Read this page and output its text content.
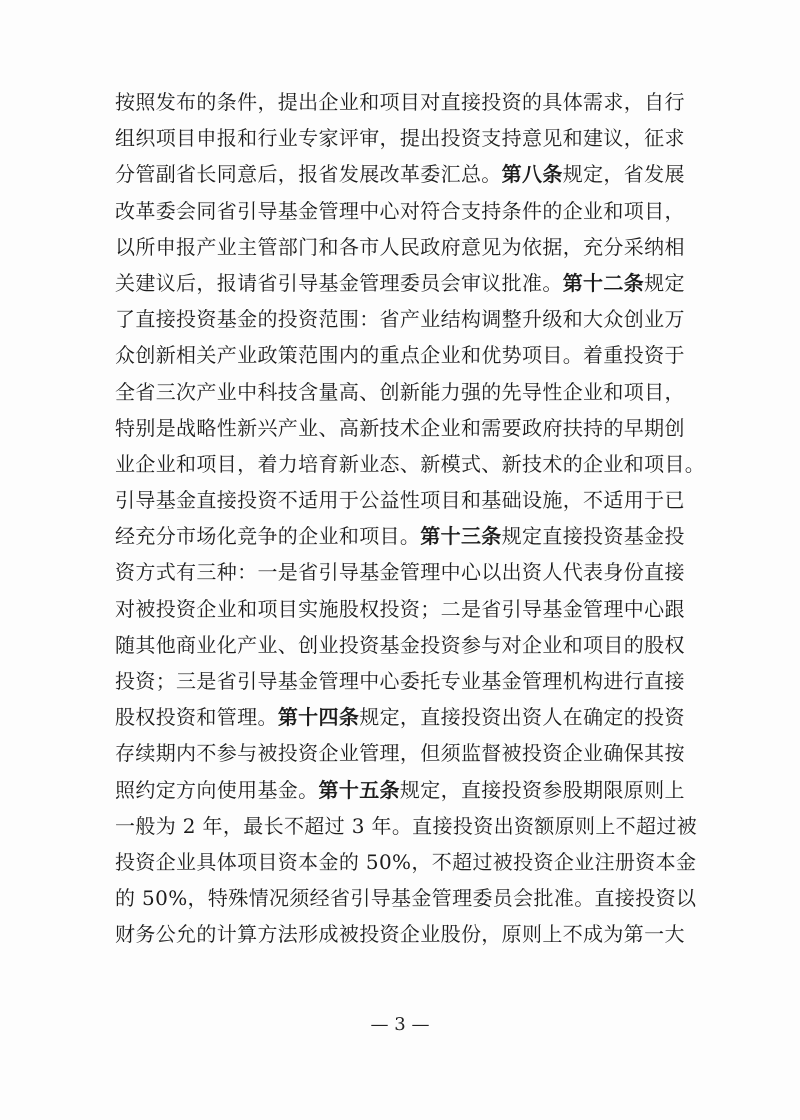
按照发布的条件，提出企业和项目对直接投资的具体需求，自行
组织项目申报和行业专家评审，提出投资支持意见和建议，征求
分管副省长同意后，报省发展改革委汇总。第八条规定，省发展
改革委会同省引导基金管理中心对符合支持条件的企业和项目，
以所申报产业主管部门和各市人民政府意见为依据，充分采纳相
关建议后，报请省引导基金管理委员会审议批准。第十二条规定
了直接投资基金的投资范围：省产业结构调整升级和大众创业万
众创新相关产业政策范围内的重点企业和优势项目。着重投资于
全省三次产业中科技含量高、创新能力强的先导性企业和项目，
特别是战略性新兴产业、高新技术企业和需要政府扶持的早期创
业企业和项目，着力培育新业态、新模式、新技术的企业和项目。
引导基金直接投资不适用于公益性项目和基础设施，不适用于已
经充分市场化竞争的企业和项目。第十三条规定直接投资基金投
资方式有三种：一是省引导基金管理中心以出资人代表身份直接
对被投资企业和项目实施股权投资；二是省引导基金管理中心跟
随其他商业化产业、创业投资基金投资参与对企业和项目的股权
投资；三是省引导基金管理中心委托专业基金管理机构进行直接
股权投资和管理。第十四条规定，直接投资出资人在确定的投资
存续期内不参与被投资企业管理，但须监督被投资企业确保其按
照约定方向使用基金。第十五条规定，直接投资参股期限原则上
一般为 2 年，最长不超过 3 年。直接投资出资额原则上不超过被
投资企业具体项目资本金的 50%，不超过被投资企业注册资本金
的 50%，特殊情况须经省引导基金管理委员会批准。直接投资以
财务公允的计算方法形成被投资企业股份，原则上不成为第一大
— 3 —
